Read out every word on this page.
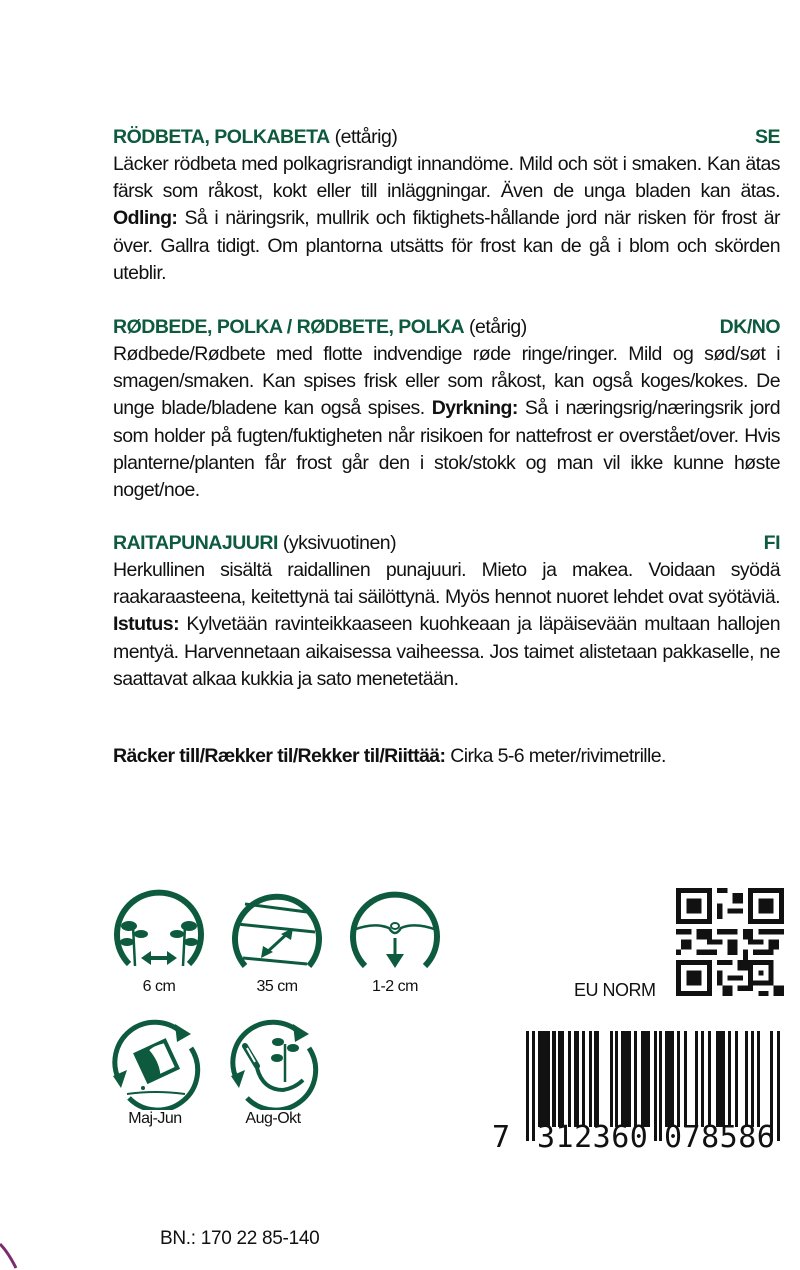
RÖDBETA, POLKABETA (ettårig)	SE
Läcker rödbeta med polkagrisrandigt innandöme. Mild och söt i smaken. Kan ätas färsk som råkost, kokt eller till inläggningar. Även de unga bladen kan ätas. Odling: Så i näringsrik, mullrik och fiktighets-hållande jord när risken för frost är över. Gallra tidigt. Om plantorna utsätts för frost kan de gå i blom och skörden uteblir.
RØDBEDE, POLKA / RØDBETE, POLKA (etårig)	DK/NO
Rødbede/Rødbete med flotte indvendige røde ringe/ringer. Mild og sød/søt i smagen/smaken. Kan spises frisk eller som råkost, kan også koges/kokes. De unge blade/bladene kan også spises. Dyrkning: Så i næringsrig/næringsrik jord som holder på fugten/fuktigheten når risikoen for nattefrost er overstået/over. Hvis planterne/planten får frost går den i stok/stokk og man vil ikke kunne høste noget/noe.
RAITAPUNAJUURI (yksivuotinen)	FI
Herkullinen sisältä raidallinen punajuuri. Mieto ja makea. Voidaan syödä raakaraasteena, keitettynä tai säilöttynä. Myös hennot nuoret lehdet ovat syötäviä. Istutus: Kylvetään ravinteikkaaseen kuohkeaan ja läpäisevään multaan hallojen mentyä. Harvennetaan aikaisessa vaiheessa. Jos taimet alistetaan pakkaselle, ne saattavat alkaa kukkia ja sato menetetään.
Räcker till/Rækker til/Rekker til/Riittää: Cirka 5-6 meter/rivimetrille.
6 cm	35 cm	1-2 cm
Maj-Jun	Aug-Okt
EU NORM
7 312360 078586
BN.: 170 22 85-140
